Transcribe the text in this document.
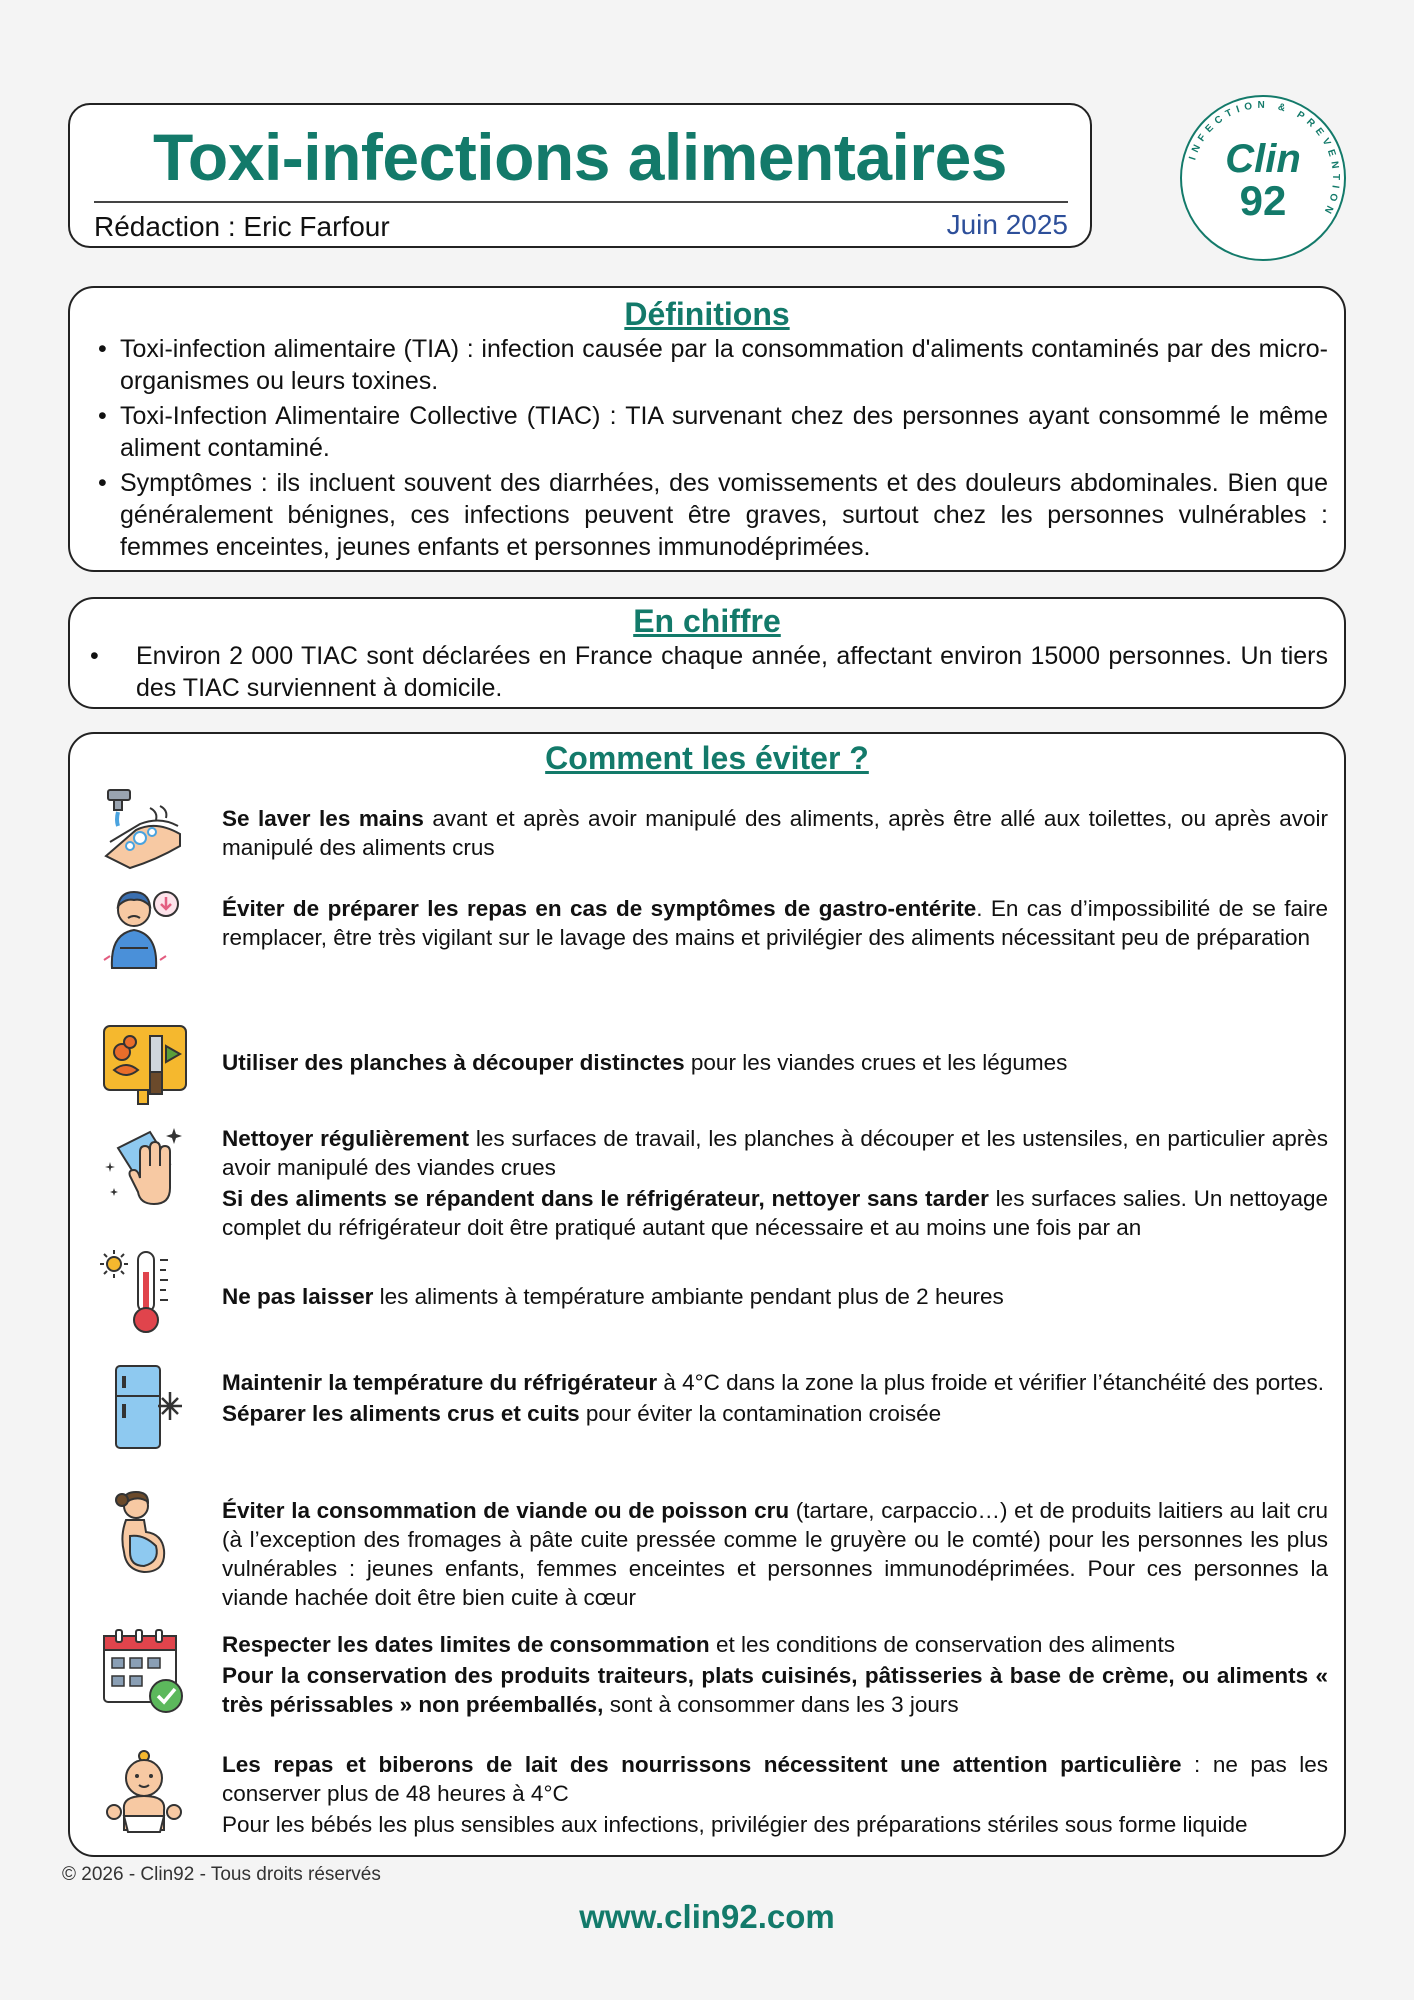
Toxi-infections alimentaires
Rédaction : Eric Farfour	Juin 2025
INFECTION & PREVENTION
Clin
92
Définitions
• Toxi-infection alimentaire (TIA) : infection causée par la consommation d'aliments contaminés par des micro-organismes ou leurs toxines.
• Toxi-Infection Alimentaire Collective (TIAC) : TIA survenant chez des personnes ayant consommé le même aliment contaminé.
• Symptômes : ils incluent souvent des diarrhées, des vomissements et des douleurs abdominales. Bien que généralement bénignes, ces infections peuvent être graves, surtout chez les personnes vulnérables : femmes enceintes, jeunes enfants et personnes immunodéprimées.
En chiffre
• Environ 2 000 TIAC sont déclarées en France chaque année, affectant environ 15000 personnes. Un tiers des TIAC surviennent à domicile.
Comment les éviter ?

Se laver les mains avant et après avoir manipulé des aliments, après être allé aux toilettes, ou après avoir manipulé des aliments crus

Éviter de préparer les repas en cas de symptômes de gastro-entérite. En cas d’impossibilité de se faire remplacer, être très vigilant sur le lavage des mains et privilégier des aliments nécessitant peu de préparation

Utiliser des planches à découper distinctes pour les viandes crues et les légumes

Nettoyer régulièrement les surfaces de travail, les planches à découper et les ustensiles, en particulier après avoir manipulé des viandes crues

Si des aliments se répandent dans le réfrigérateur, nettoyer sans tarder les surfaces salies. Un nettoyage complet du réfrigérateur doit être pratiqué autant que nécessaire et au moins une fois par an

Ne pas laisser les aliments à température ambiante pendant plus de 2 heures

Maintenir la température du réfrigérateur à 4°C dans la zone la plus froide et vérifier l’étanchéité des portes.

Séparer les aliments crus et cuits pour éviter la contamination croisée

Éviter la consommation de viande ou de poisson cru (tartare, carpaccio…) et de produits laitiers au lait cru (à l’exception des fromages à pâte cuite pressée comme le gruyère ou le comté) pour les personnes les plus vulnérables : jeunes enfants, femmes enceintes et personnes immunodéprimées. Pour ces personnes la viande hachée doit être bien cuite à cœur

Respecter les dates limites de consommation et les conditions de conservation des aliments

Pour la conservation des produits traiteurs, plats cuisinés, pâtisseries à base de crème, ou aliments « très périssables » non préemballés, sont à consommer dans les 3 jours

Les repas et biberons de lait des nourrissons nécessitent une attention particulière : ne pas les conserver plus de 48 heures à 4°C

Pour les bébés les plus sensibles aux infections, privilégier des préparations stériles sous forme liquide

© 2026 - Clin92 - Tous droits réservés
www.clin92.com
